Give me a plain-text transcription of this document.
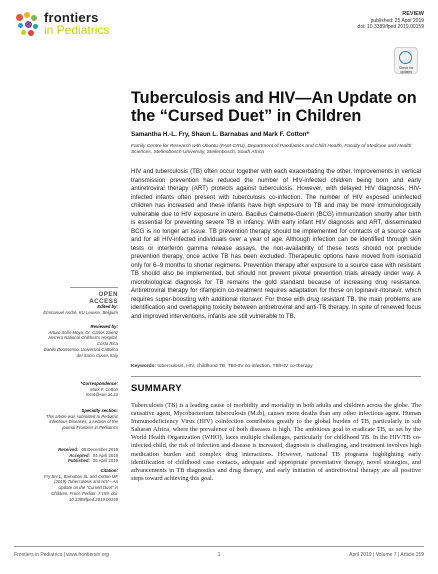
frontiers
in Pediatrics
REVIEW
published: 25 April 2019
doi: 10.3389/fped.2019.00159
Check for updates
Tuberculosis and HIV—An Update on the “Cursed Duet” in Children
Samantha H.-L. Fry, Shaun L. Barnabas and Mark F. Cotton*
Family Centre for Research with Ubuntu (FAM-CRU), Department of Paediatrics and Child Health, Faculty of Medicine and Health Sciences, Stellenbosch University, Stellenbosch, South Africa

HIV and tuberculosis (TB) often occur together with each exacerbating the other. Improvements in vertical transmission prevention has reduced the number of HIV-infected children being born and early antiretroviral therapy (ART) protects against tuberculosis. However, with delayed HIV diagnosis, HIV-infected infants often present with tuberculosis co-infection. The number of HIV exposed uninfected children has increased and these infants have high exposure to TB and may be more immunologically vulnerable due to HIV exposure in utero. Bacillus Calmette-Guérin (BCG) immunization shortly after birth is essential for preventing severe TB in infancy. With early infant HIV diagnosis and ART, disseminated BCG is no longer an issue. TB prevention therapy should be implemented for contacts of a source case and for all HIV-infected individuals over a year of age. Although infection can be identified through skin tests or interferon gamma release assays, the non-availability of these tests should not preclude prevention therapy, once active TB has been excluded. Therapeutic options have moved from isoniazid only for 6–9 months to shorter regimens. Prevention therapy after exposure to a source case with resistant TB should also be implemented, but should not prevent pivotal prevention trials already under way. A microbiological diagnosis for TB remains the gold standard because of increasing drug resistance. Antiretroviral therapy for rifampicin co-treatment requires adaptation for those on lopinavir-ritonavir, which requires super-boosting with additional ritonavir. For those with drug resistant TB, the main problems are identification and overlapping toxicity between antiretroviral and anti-TB therapy. In spite of renewed focus and improved interventions, infants are still vulnerable to TB.

Keywords: tuberculosis, HIV, childhood TB, TB/HIV co-infection, TB/HIV co-therapy
OPEN ACCESS

Edited by:

Emmanuel André, KU Leuven, Belgium

Reviewed by:

Arturo Solís-Moya, Dr. Carlos Sáenz Herrera National Children's Hospital, Costa Rica

Danilo Buonsenso, Università Cattolica del Sacro Cuore, Italy

*Correspondence:

Mark F. Cotton

mcot@sun.ac.za

Specialty section:

This article was submitted to Pediatric Infectious Diseases, a section of the journal Frontiers in Pediatrics

Received: 05 December 2018
Accepted: 04 April 2019
Published: 25 April 2019

Citation:

Fry SH-L, Barnabas SL and Cotton MF (2019) Tuberculosis and HIV—An Update on the “Cursed Duet” in Children. Front. Pediatr. 7:159. doi: 10.3389/fped.2019.00159

SUMMARY

Tuberculosis (TB) is a leading cause of morbidity and mortality in both adults and children across the globe. The causative agent, Mycobacterium tuberculosis (M.tb), causes more deaths than any other infectious agent. Human Immunodeficiency Virus (HIV) coinfection contributes greatly to the global burden of TB, particularly in sub Saharan Africa, where the prevalence of both diseases is high. The ambitious goal to eradicate TB, as set by the World Health Organization (WHO), faces multiple challenges, particularly for childhood TB. In the HIV/TB co-infected child, the risk of infection and disease is increased, diagnosis is challenging, and treatment involves high medication burden and complex drug interactions. However, national TB programs highlighting early identification of childhood case contacts, adequate and appropriate preventative therapy, novel strategies, and advancements in TB diagnostics and drug therapy, and early initiation of antiretroviral therapy are all positive steps toward achieving this goal.

Frontiers in Pediatrics | www.frontiersin.org	1	April 2019 | Volume 7 | Article 159
